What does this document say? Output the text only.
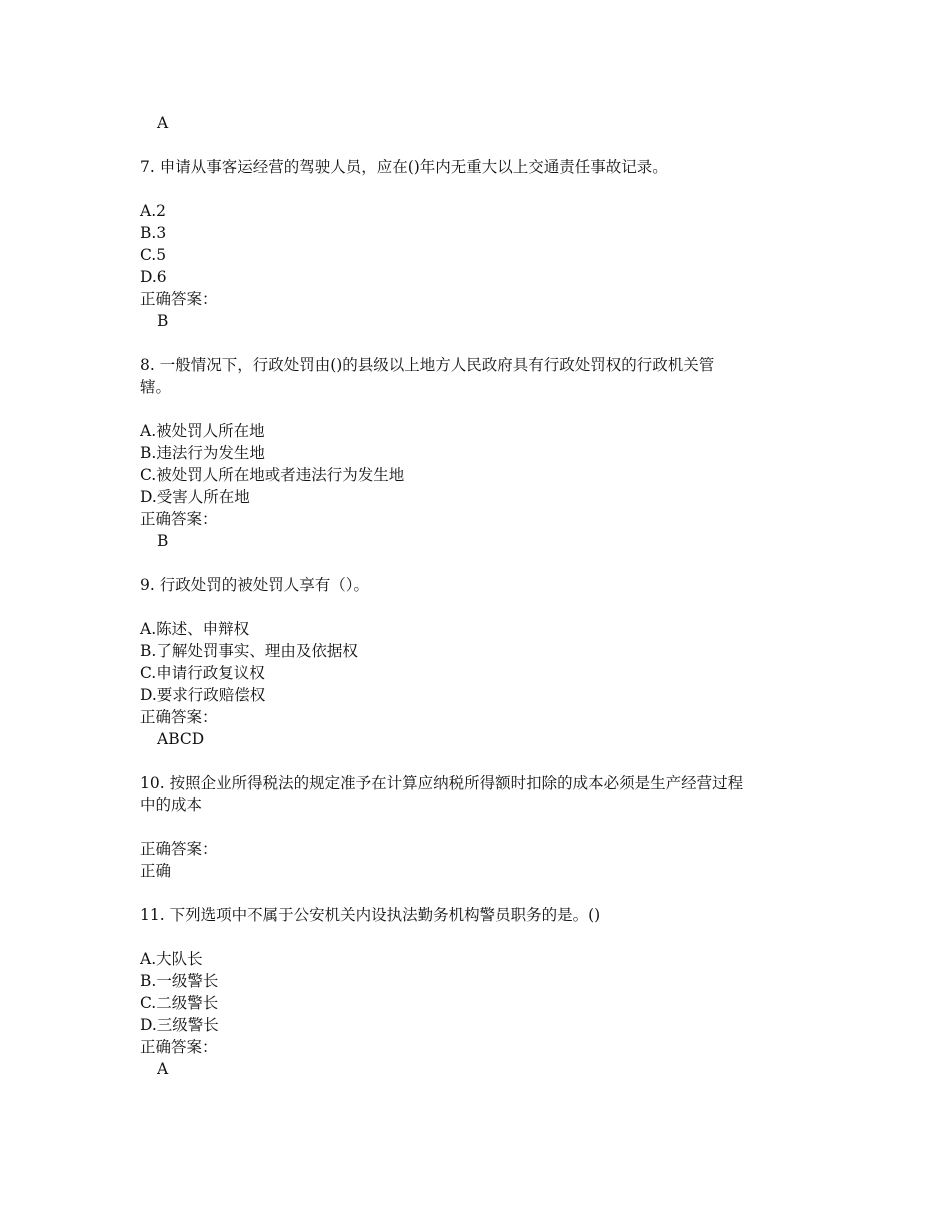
A
7. 申请从事客运经营的驾驶人员，应在()年内无重大以上交通责任事故记录。
A.2
B.3
C.5
D.6
正确答案：
B
8. 一般情况下，行政处罚由()的县级以上地方人民政府具有行政处罚权的行政机关管
辖。
A.被处罚人所在地
B.违法行为发生地
C.被处罚人所在地或者违法行为发生地
D.受害人所在地
正确答案：
B
9. 行政处罚的被处罚人享有（）。
A.陈述、申辩权
B.了解处罚事实、理由及依据权
C.申请行政复议权
D.要求行政赔偿权
正确答案：
ABCD
10. 按照企业所得税法的规定准予在计算应纳税所得额时扣除的成本必须是生产经营过程
中的成本
正确答案：
正确
11. 下列选项中不属于公安机关内设执法勤务机构警员职务的是。()
A.大队长
B.一级警长
C.二级警长
D.三级警长
正确答案：
A
